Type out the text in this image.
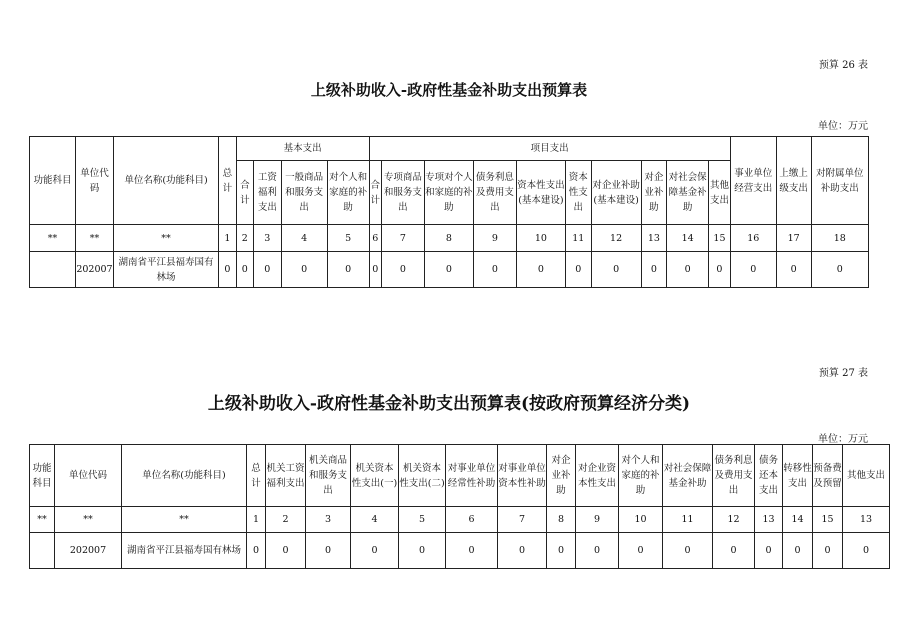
预算 26 表
上级补助收入-政府性基金补助支出预算表
单位：万元
功能科目	单位代码	单位名称(功能科目)	总计	基本支出				项目支出										事业单位经营支出	上缴上级支出	对附属单位补助支出
				合计	工资福利支出	一般商品和服务支出	对个人和家庭的补助	合计	专项商品和服务支出	专项对个人和家庭的补助	债务利息及费用支出	资本性支出(基本建设)	资本性支出	对企业补助(基本建设)	对企业补助	对社会保障基金补助	其他支出			
**	**	**	1	2	3	4	5	6	7	8	9	10	11	12	13	14	15	16	17	18
	202007	湖南省平江县福寿国有林场	0	0	0	0	0	0	0	0	0	0	0	0	0	0	0	0	0	0
预算 27 表
上级补助收入-政府性基金补助支出预算表(按政府预算经济分类)
单位：万元
功能科目	单位代码	单位名称(功能科目)	总计	机关工资福利支出	机关商品和服务支出	机关资本性支出(一)	机关资本性支出(二)	对事业单位经常性补助	对事业单位资本性补助	对企业补助	对企业资本性支出	对个人和家庭的补助	对社会保障基金补助	债务利息及费用支出	债务还本支出	转移性支出	预备费及预留	其他支出
**	**	**	1	2	3	4	5	6	7	8	9	10	11	12	13	14	15	13
	202007	湖南省平江县福寿国有林场	0	0	0	0	0	0	0	0	0	0	0	0	0	0	0	0
